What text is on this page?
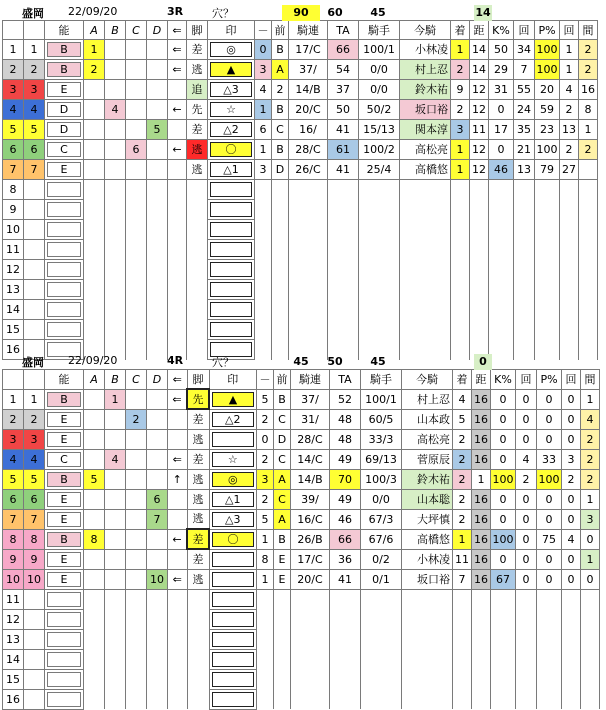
盛岡 22/09/20	3R	穴？	90	60	45	14
		能	A	B	C	D	⇐	脚	印	－	前	騎連	TA	騎手	今騎	着	距	K%	回	P%	回	間
1	1	B	1				⇐	差	◎	0	B	17/C	66	100/1	小林凌	1	14	50	34	100	1	2
2	2	B	2				⇐	逃	▲	3	A	37/	54	0/0	村上忍	2	14	29	7	100	1	2
3	3	E						追	△3	4	2	14/B	37	0/0	鈴木祐	9	12	31	55	20	4	16
4	4	D		4			←	先	☆	1	B	20/C	50	50/2	坂口裕	2	12	0	24	59	2	8
5	5	D				5		差	△2	6	C	16/	41	15/13	関本淳	3	11	17	35	23	13	1
6	6	C			6		←	逃	〇	1	B	28/C	61	100/2	高松亮	1	12	0	21	100	2	2
7	7	E						逃	△1	3	D	26/C	41	25/4	高橋悠	1	12	46	13	79	27	
8		

9		

10		

11		

12		

13		

14		

15		

16		

盛岡 22/09/20	4R	穴？	45	50	45	0
		能	A	B	C	D	⇐	脚	印	－	前	騎連	TA	騎手	今騎	着	距	K%	回	P%	回	間
1	1	B		1			⇐	先	▲	5	B	37/	52	100/1	村上忍	4	16	0	0	0	0	1
2	2	E			2			差	△2	2	C	31/	48	60/5	山本政	5	16	0	0	0	0	4
3	3	E						逃		0	D	28/C	48	33/3	高松亮	2	16	0	0	0	0	2
4	4	C		4			⇐	差	☆	2	C	14/C	49	69/13	菅原辰	2	16	0	4	33	3	2
5	5	B	5				↑	逃	◎	3	A	14/B	70	100/3	鈴木祐	2	1	100	2	100	2	2
6	6	E				6		逃	△1	2	C	39/	49	0/0	山本聡	2	16	0	0	0	0	1
7	7	E				7		逃	△3	5	A	16/C	46	67/3	大坪慎	2	16	0	0	0	0	3
8	8	B	8				←	差	〇	1	B	26/B	66	67/6	高橋悠	1	16	100	0	75	4	0
9	9	E						差		8	E	17/C	36	0/2	小林凌	11	16	0	0	0	0	1
10	10	E				10	⇐	逃		1	E	20/C	41	0/1	坂口裕	7	16	67	0	0	0	0
11		

12		

13		

14		

15		

16		
